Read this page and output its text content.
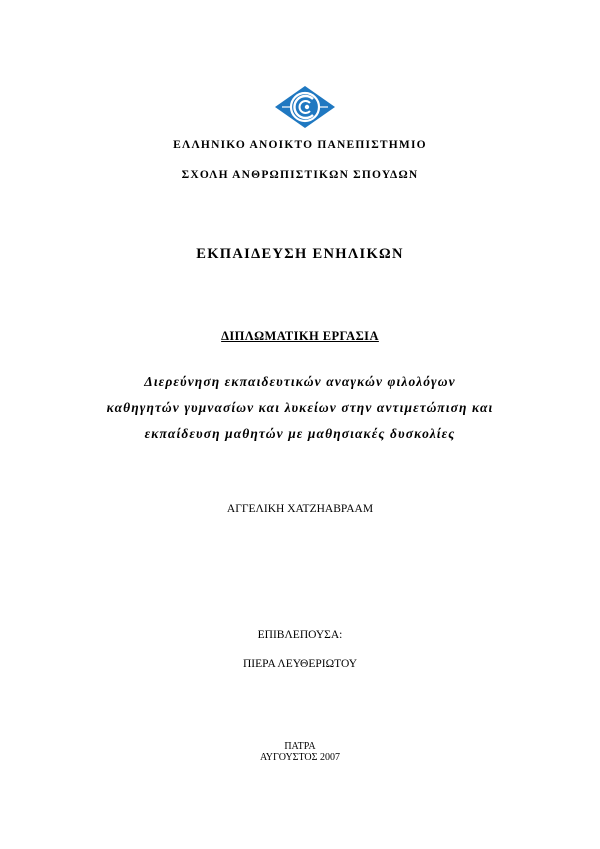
ΕΛΛΗΝΙΚΟ ΑΝΟΙΚΤΟ ΠΑΝΕΠΙΣΤΗΜΙΟ
ΣΧΟΛΗ ΑΝΘΡΩΠΙΣΤΙΚΩΝ ΣΠΟΥΔΩΝ
ΕΚΠΑΙΔΕΥΣΗ ΕΝΗΛΙΚΩΝ
ΔΙΠΛΩΜΑΤΙΚΗ ΕΡΓΑΣΙΑ
Διερεύνηση εκπαιδευτικών αναγκών φιλολόγων
καθηγητών γυμνασίων και λυκείων στην αντιμετώπιση και
εκπαίδευση μαθητών με μαθησιακές δυσκολίες
ΑΓΓΕΛΙΚΗ ΧΑΤΖΗΑΒΡΑΑΜ
ΕΠΙΒΛΕΠΟΥΣΑ:
ΠΙΕΡΑ ΛΕΥΘΕΡΙΩΤΟΥ
ΠΑΤΡΑ
ΑΥΓΟΥΣΤΟΣ 2007
